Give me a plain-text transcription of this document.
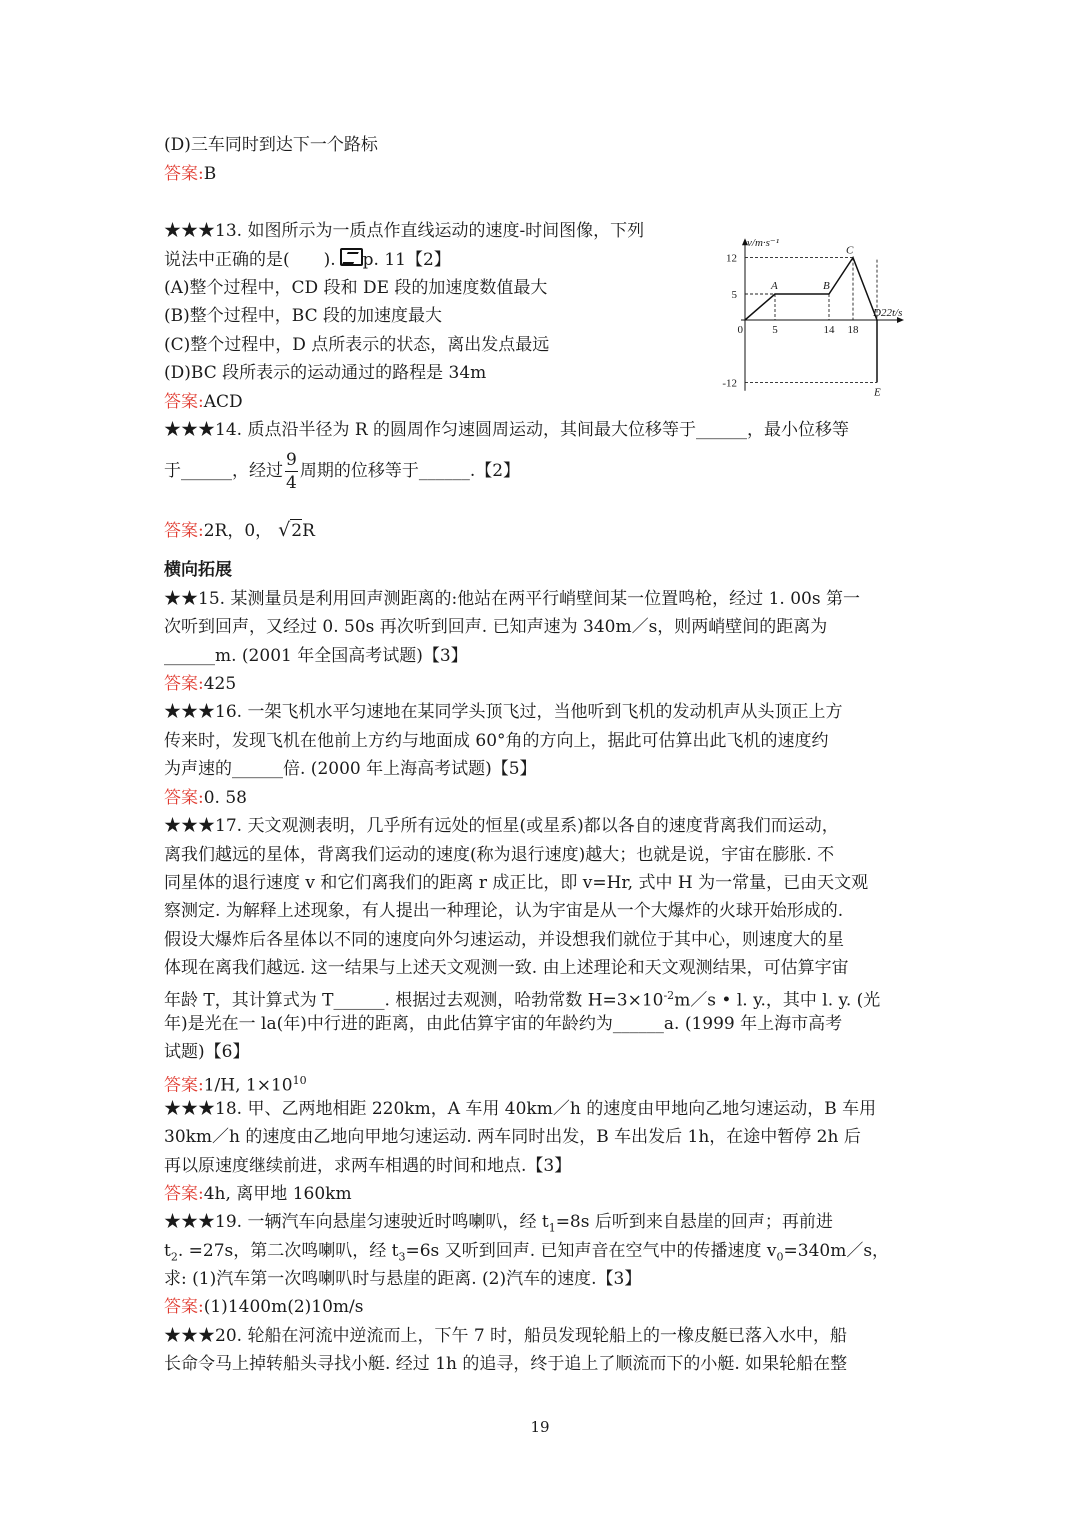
(D)三车同时到达下一个路标
答案:B
★★★13. 如图所示为一质点作直线运动的速度-时间图像，下列
说法中正确的是(　　). p. 11【2】
(A)整个过程中，CD 段和 DE 段的加速度数值最大
(B)整个过程中，BC 段的加速度最大
(C)整个过程中，D 点所表示的状态，离出发点最远
(D)BC 段所表示的运动通过的路程是 34m
答案:ACD
12
5
-12
0	5	14 18
A	B
C
D22
E
v/m·s⁻¹
t/s
★★★14. 质点沿半径为 R 的圆周作匀速圆周运动，其间最大位移等于______，最小位移等
于______，经过 $\frac{9}{4}$ 周期的位移等于______.【2】
答案:2R，0， √2R
横向拓展
★★15. 某测量员是利用回声测距离的:他站在两平行峭壁间某一位置鸣枪，经过 1. 00s 第一
次听到回声，又经过 0. 50s 再次听到回声. 已知声速为 340m／s，则两峭壁间的距离为
______m. (2001 年全国高考试题)【3】
答案:425
★★★16. 一架飞机水平匀速地在某同学头顶飞过，当他听到飞机的发动机声从头顶正上方
传来时，发现飞机在他前上方约与地面成 60°角的方向上，据此可估算出此飞机的速度约
为声速的______倍. (2000 年上海高考试题)【5】
答案:0. 58
★★★17. 天文观测表明，几乎所有远处的恒星(或星系)都以各自的速度背离我们而运动，
离我们越远的星体，背离我们运动的速度(称为退行速度)越大；也就是说，宇宙在膨胀. 不
同星体的退行速度 v 和它们离我们的距离 r 成正比，即 v=Hr, 式中 H 为一常量，已由天文观
察测定. 为解释上述现象，有人提出一种理论，认为宇宙是从一个大爆炸的火球开始形成的.
假设大爆炸后各星体以不同的速度向外匀速运动，并设想我们就位于其中心，则速度大的星
体现在离我们越远. 这一结果与上述天文观测一致. 由上述理论和天文观测结果，可估算宇宙
年龄 T，其计算式为 T______. 根据过去观测，哈勃常数 $H=3\times 10^{-2}m/s$ • l. y.，其中 l. y. (光
年)是光在一 la(年)中行进的距离，由此估算宇宙的年龄约为______a. (1999 年上海市高考
试题)【6】
答案:1/H, $1\times 10^{10}$
★★★18. 甲、乙两地相距 220km，A 车用 40km／h 的速度由甲地向乙地匀速运动，B 车用
30km／h 的速度由乙地向甲地匀速运动. 两车同时出发，B 车出发后 1h，在途中暂停 2h 后
再以原速度继续前进，求两车相遇的时间和地点.【3】
答案:4h, 离甲地 160km
★★★19. 一辆汽车向悬崖匀速驶近时鸣喇叭，经 $t_1=8s$ 后听到来自悬崖的回声；再前进
$t_2$. =27s，第二次鸣喇叭，经 $t_3=6s$ 又听到回声. 已知声音在空气中的传播速度 $v_0=340m/s$，
求: (1)汽车第一次鸣喇叭时与悬崖的距离. (2)汽车的速度.【3】
答案:(1)1400m(2)10m/s
★★★20. 轮船在河流中逆流而上，下午 7 时，船员发现轮船上的一橡皮艇已落入水中，船
长命令马上掉转船头寻找小艇. 经过 1h 的追寻，终于追上了顺流而下的小艇. 如果轮船在整
19
